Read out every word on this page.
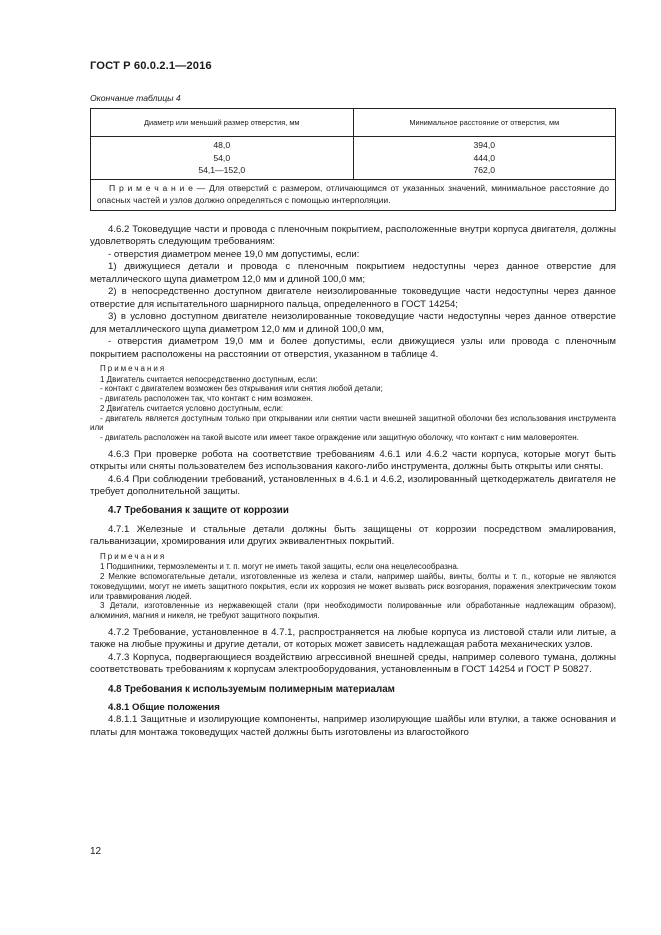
ГОСТ Р 60.0.2.1—2016
Окончание таблицы 4
Диаметр или меньший размер отверстия, мм	Минимальное расстояние от отверстия, мм
48,0	394,0
54,0	444,0
54,1—152,0	762,0
П р и м е ч а н и е — Для отверстий с размером, отличающимся от указанных значений, минимальное расстояние до опасных частей и узлов должно определяться с помощью интерполяции.	

4.6.2 Токоведущие части и провода с пленочным покрытием, расположенные внутри корпуса двигателя, должны удовлетворять следующим требованиям:

- отверстия диаметром менее 19,0 мм допустимы, если:

1) движущиеся детали и провода с пленочным покрытием недоступны через данное отверстие для металлического щупа диаметром 12,0 мм и длиной 100,0 мм;

2) в непосредственно доступном двигателе неизолированные токоведущие части недоступны через данное отверстие для испытательного шарнирного пальца, определенного в ГОСТ 14254;

3) в условно доступном двигателе неизолированные токоведущие части недоступны через данное отверстие для металлического щупа диаметром 12,0 мм и длиной 100,0 мм,

- отверстия диаметром 19,0 мм и более допустимы, если движущиеся узлы или провода с пленочным покрытием расположены на расстоянии от отверстия, указанном в таблице 4.

Примечания

1 Двигатель считается непосредственно доступным, если:

- контакт с двигателем возможен без открывания или снятия любой детали;

- двигатель расположен так, что контакт с ним возможен.

2 Двигатель считается условно доступным, если:

- двигатель является доступным только при открывании или снятии части внешней защитной оболочки без использования инструмента или

- двигатель расположен на такой высоте или имеет такое ограждение или защитную оболочку, что контакт с ним маловероятен.

4.6.3 При проверке робота на соответствие требованиям 4.6.1 или 4.6.2 части корпуса, которые могут быть открыты или сняты пользователем без использования какого-либо инструмента, должны быть открыты или сняты.

4.6.4 При соблюдении требований, установленных в 4.6.1 и 4.6.2, изолированный щеткодержатель двигателя не требует дополнительной защиты.

4.7 Требования к защите от коррозии

4.7.1 Железные и стальные детали должны быть защищены от коррозии посредством эмалирования, гальванизации, хромирования или других эквивалентных покрытий.

Примечания

1 Подшипники, термоэлементы и т. п. могут не иметь такой защиты, если она нецелесообразна.

2 Мелкие вспомогательные детали, изготовленные из железа и стали, например шайбы, винты, болты и т. п., которые не являются токоведущими, могут не иметь защитного покрытия, если их коррозия не может вызвать риск возгорания, поражения электрическим током или травмирования людей.

3 Детали, изготовленные из нержавеющей стали (при необходимости полированные или обработанные надлежащим образом), алюминия, магния и никеля, не требуют защитного покрытия.

4.7.2 Требование, установленное в 4.7.1, распространяется на любые корпуса из листовой стали или литые, а также на любые пружины и другие детали, от которых может зависеть надлежащая работа механических узлов.

4.7.3 Корпуса, подвергающиеся воздействию агрессивной внешней среды, например солевого тумана, должны соответствовать требованиям к корпусам электрооборудования, установленным в ГОСТ 14254 и ГОСТ Р 50827.

4.8 Требования к используемым полимерным материалам
4.8.1 Общие положения

4.8.1.1 Защитные и изолирующие компоненты, например изолирующие шайбы или втулки, а также основания и платы для монтажа токоведущих частей должны быть изготовлены из влагостойкого

12
